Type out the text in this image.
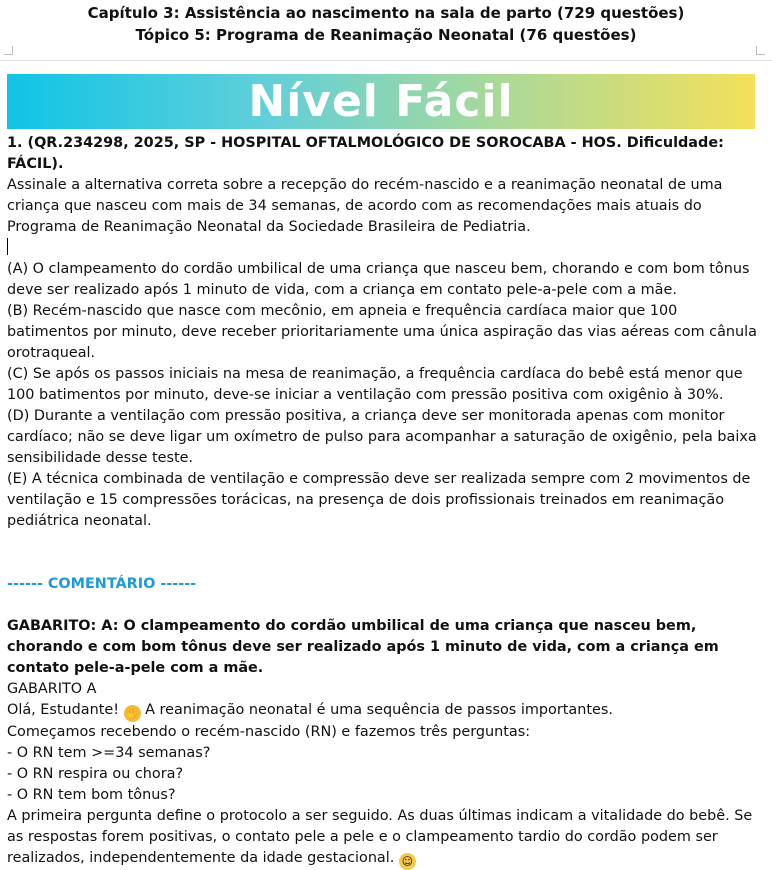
Capítulo 3: Assistência ao nascimento na sala de parto (729 questões)
Tópico 5: Programa de Reanimação Neonatal (76 questões)
Nível Fácil

1. (QR.234298, 2025, SP - HOSPITAL OFTALMOLÓGICO DE SOROCABA - HOS. Dificuldade: FÁCIL).

Assinale a alternativa correta sobre a recepção do recém-nascido e a reanimação neonatal de uma criança que nasceu com mais de 34 semanas, de acordo com as recomendações mais atuais do Programa de Reanimação Neonatal da Sociedade Brasileira de Pediatria.

(A) O clampeamento do cordão umbilical de uma criança que nasceu bem, chorando e com bom tônus deve ser realizado após 1 minuto de vida, com a criança em contato pele-a-pele com a mãe.

(B) Recém-nascido que nasce com mecônio, em apneia e frequência cardíaca maior que 100 batimentos por minuto, deve receber prioritariamente uma única aspiração das vias aéreas com cânula orotraqueal.

(C) Se após os passos iniciais na mesa de reanimação, a frequência cardíaca do bebê está menor que 100 batimentos por minuto, deve-se iniciar a ventilação com pressão positiva com oxigênio à 30%.

(D) Durante a ventilação com pressão positiva, a criança deve ser monitorada apenas com monitor cardíaco; não se deve ligar um oxímetro de pulso para acompanhar a saturação de oxigênio, pela baixa sensibilidade desse teste.

(E) A técnica combinada de ventilação e compressão deve ser realizada sempre com 2 movimentos de ventilação e 15 compressões torácicas, na presença de dois profissionais treinados em reanimação pediátrica neonatal.

------ COMENTÁRIO ------

GABARITO: A: O clampeamento do cordão umbilical de uma criança que nasceu bem, chorando e com bom tônus deve ser realizado após 1 minuto de vida, com a criança em contato pele-a-pele com a mãe.

GABARITO A

Olá, Estudante! ✋ A reanimação neonatal é uma sequência de passos importantes.

Começamos recebendo o recém-nascido (RN) e fazemos três perguntas:

- O RN tem >=34 semanas?

- O RN respira ou chora?

- O RN tem bom tônus?

A primeira pergunta define o protocolo a ser seguido. As duas últimas indicam a vitalidade do bebê. Se as respostas forem positivas, o contato pele a pele e o clampeamento tardio do cordão podem ser realizados, independentemente da idade gestacional. ☺
